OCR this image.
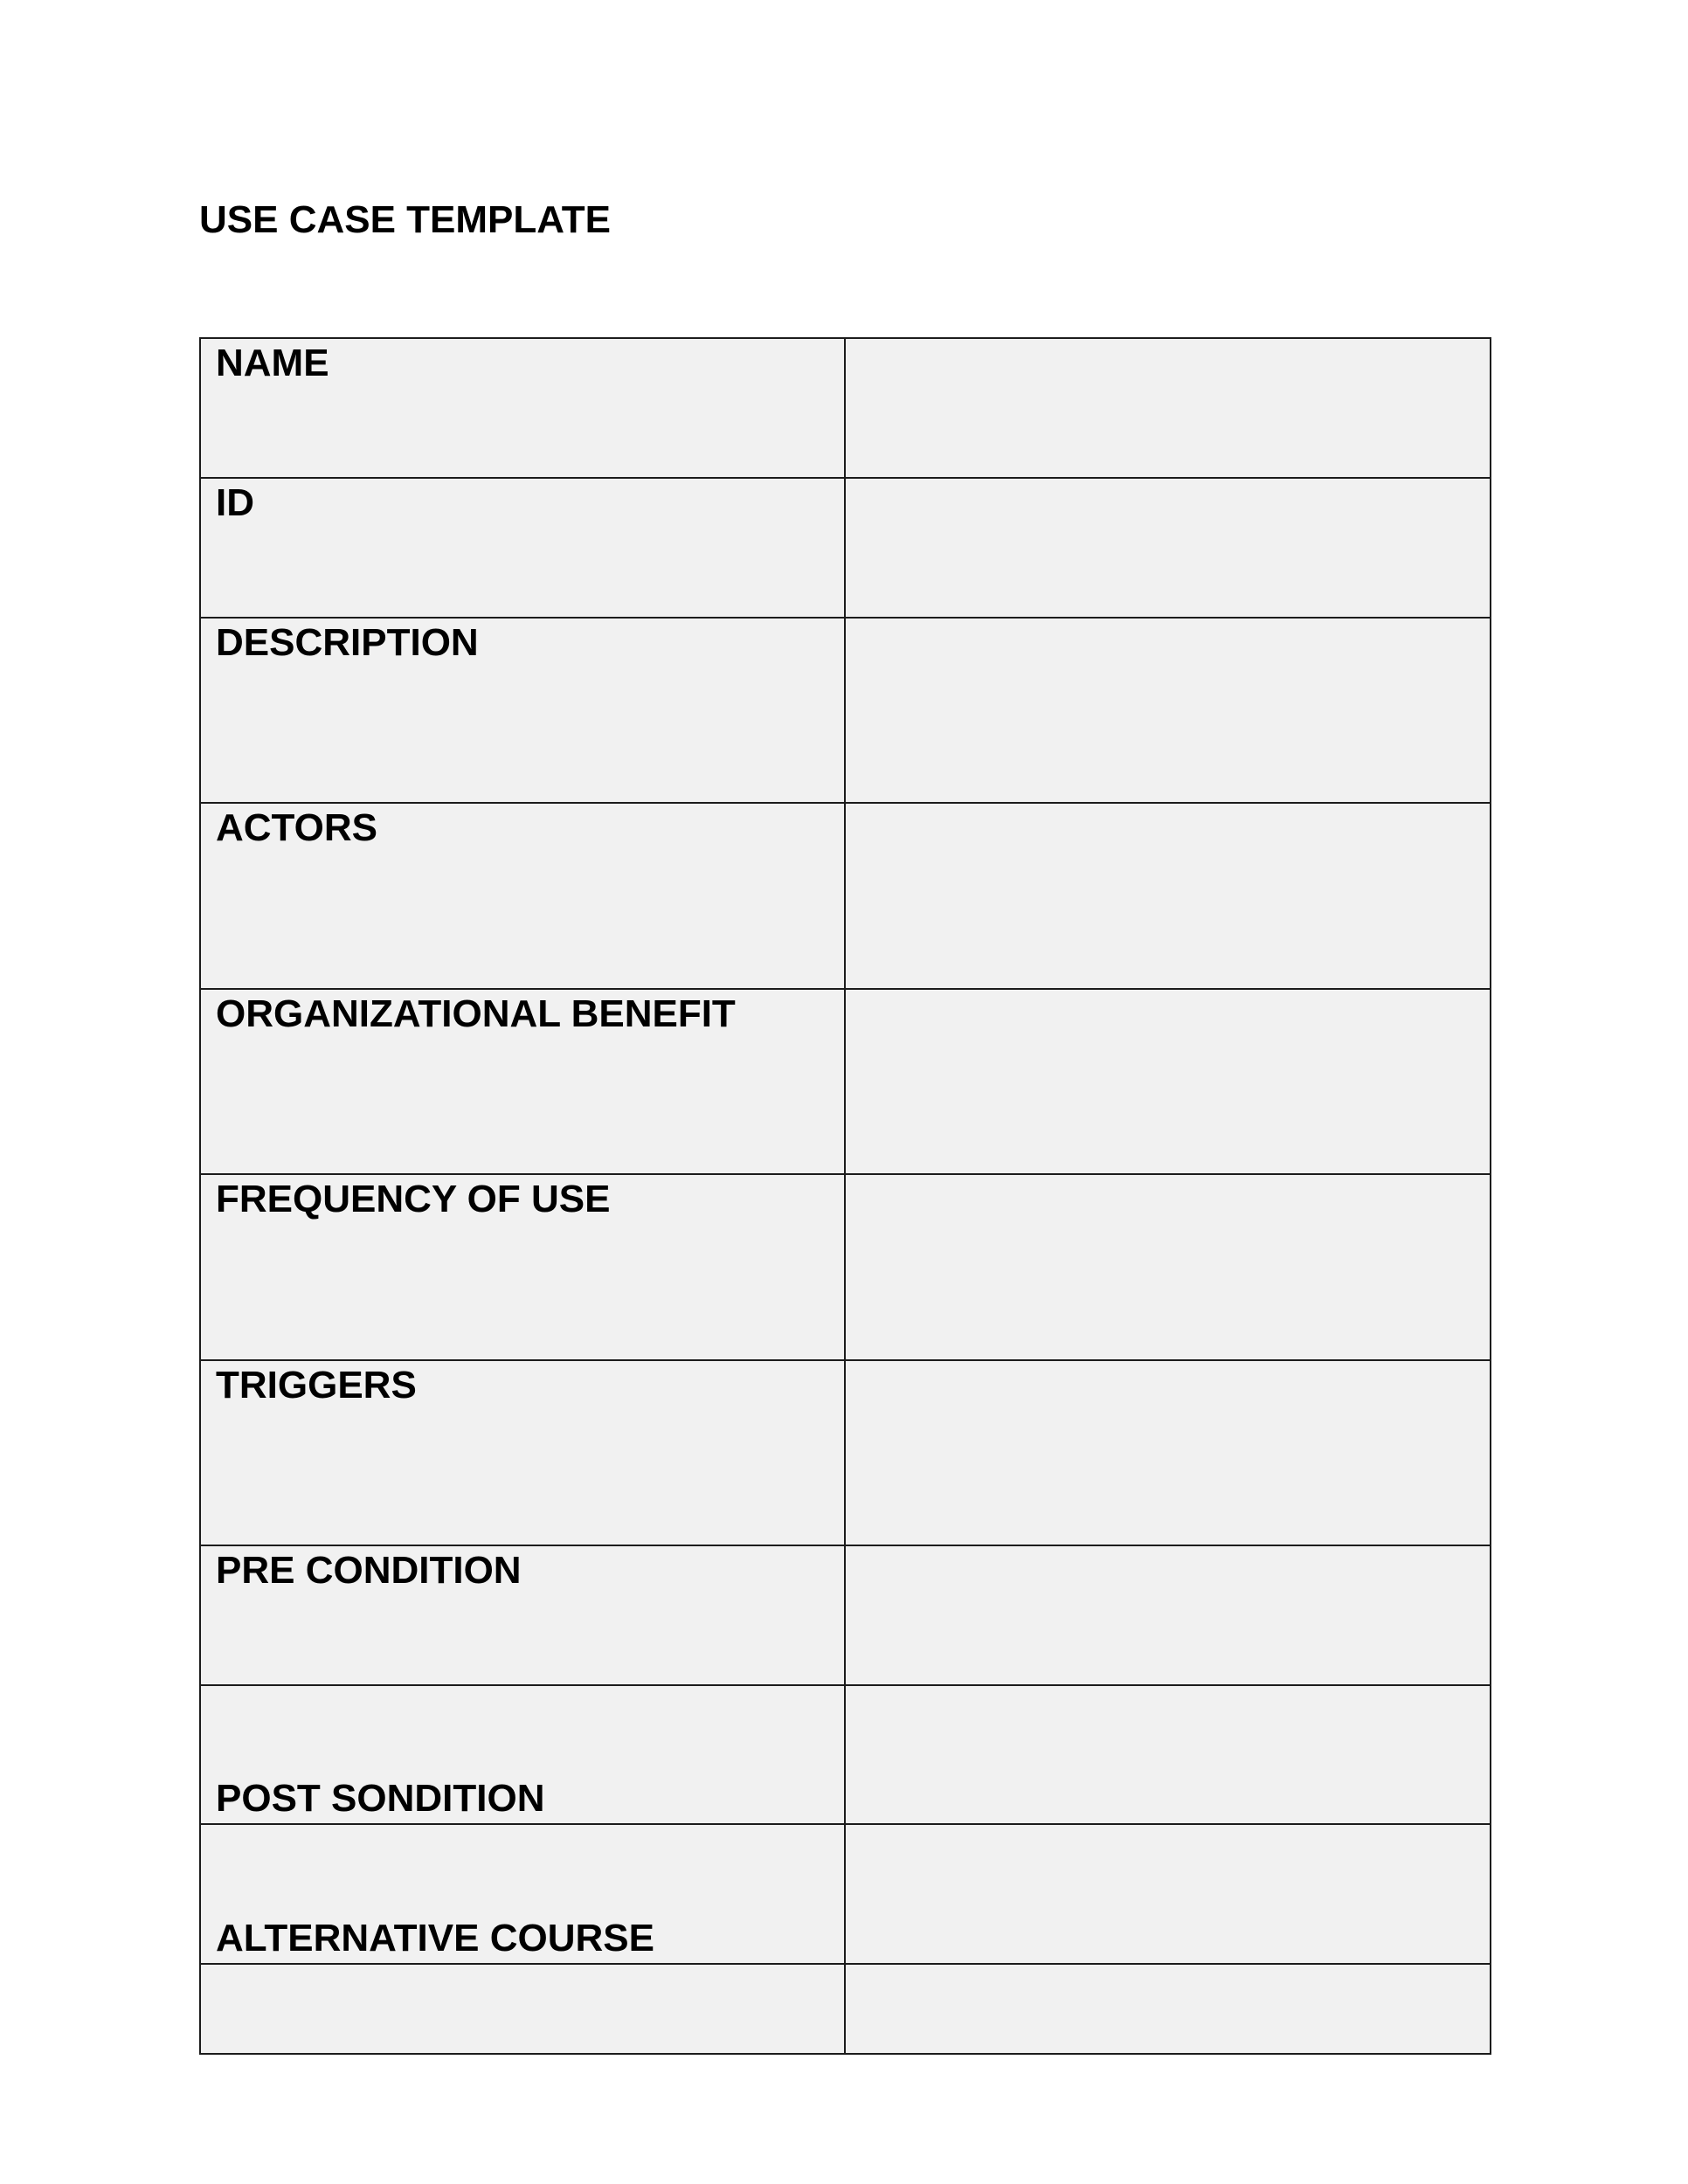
USE CASE TEMPLATE
NAME
ID
DESCRIPTION
ACTORS
ORGANIZATIONAL BENEFIT
FREQUENCY OF USE
TRIGGERS
PRE CONDITION
POST SONDITION
ALTERNATIVE COURSE
